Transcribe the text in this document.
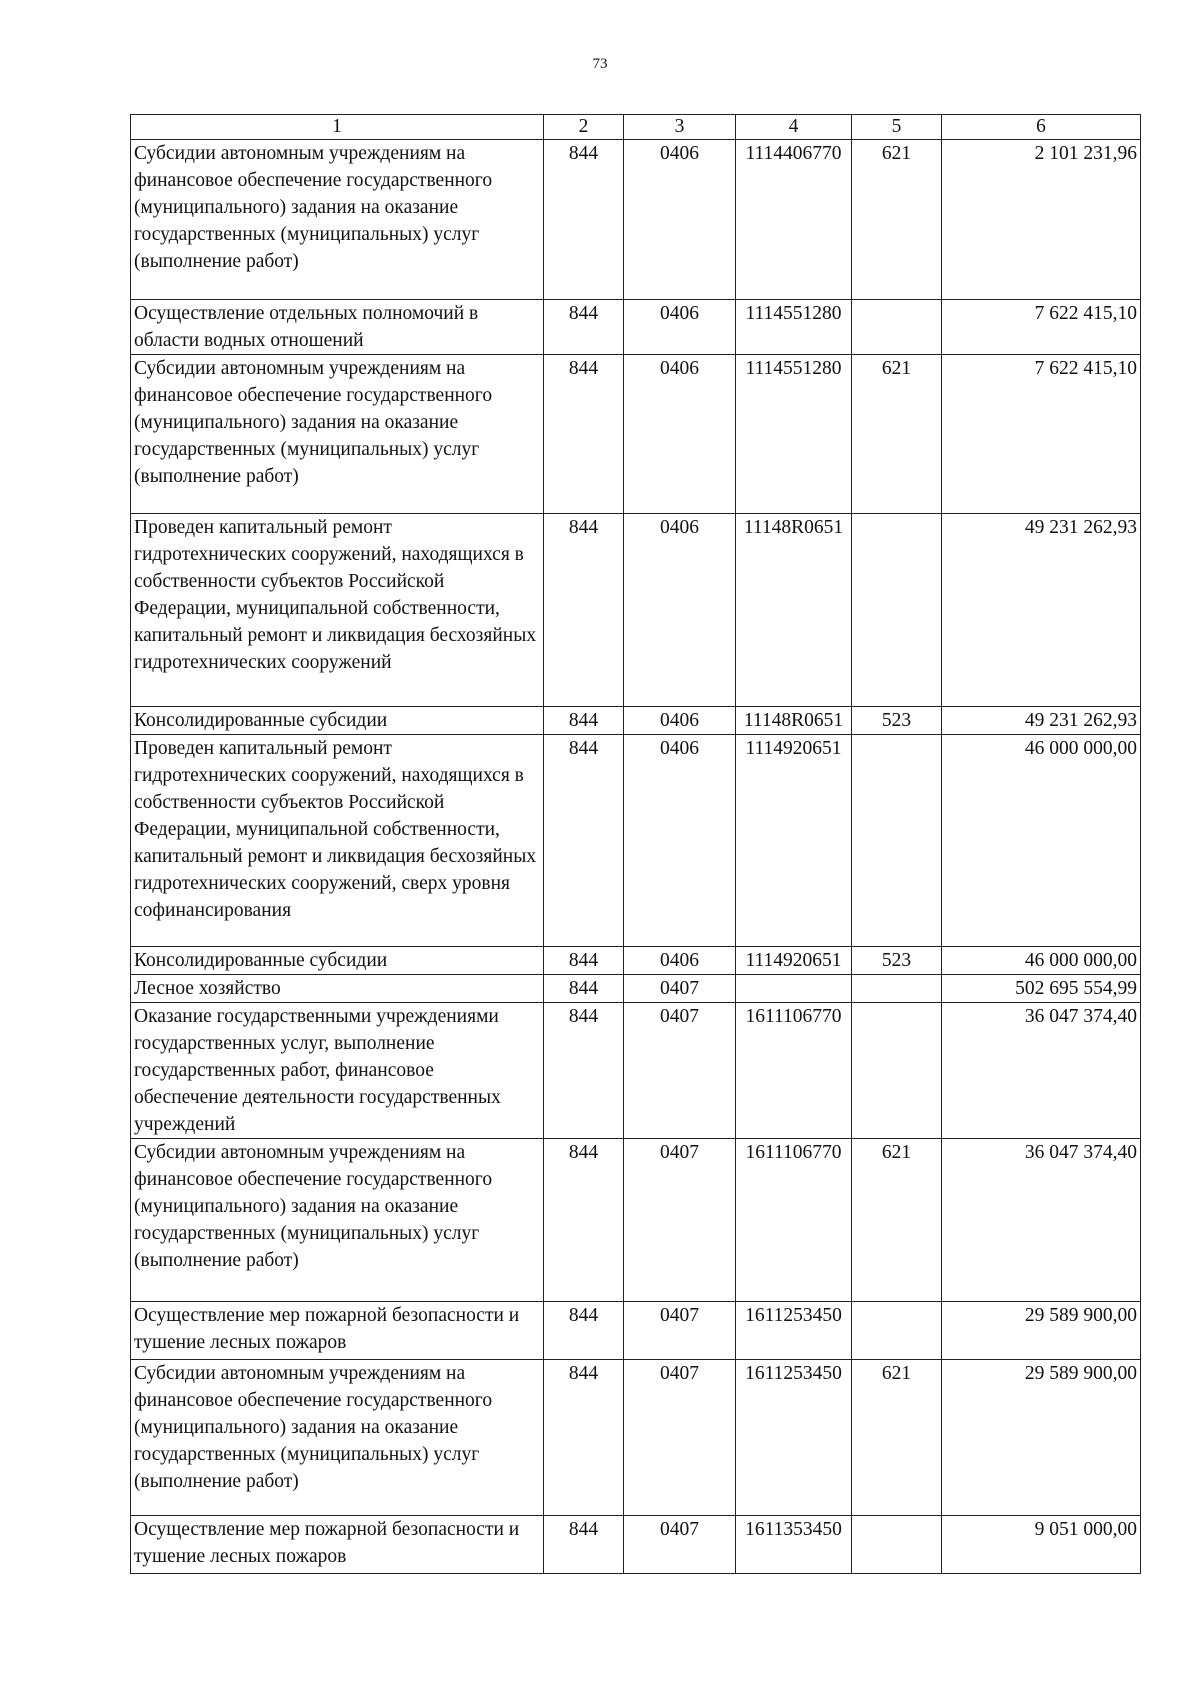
73
1	2	3	4	5	6
Субсидии автономным учреждениям на финансовое обеспечение государственного (муниципального) задания на оказание государственных (муниципальных) услуг (выполнение работ)	844	0406	1114406770	621	2 101 231,96
Осуществление отдельных полномочий в области водных отношений	844	0406	1114551280		7 622 415,10
Субсидии автономным учреждениям на финансовое обеспечение государственного (муниципального) задания на оказание государственных (муниципальных) услуг (выполнение работ)	844	0406	1114551280	621	7 622 415,10
Проведен капитальный ремонт гидротехнических сооружений, находящихся в собственности субъектов Российской Федерации, муниципальной собственности, капитальный ремонт и ликвидация бесхозяйных гидротехнических сооружений	844	0406	11148R0651		49 231 262,93
Консолидированные субсидии	844	0406	11148R0651	523	49 231 262,93
Проведен капитальный ремонт гидротехнических сооружений, находящихся в собственности субъектов Российской Федерации, муниципальной собственности, капитальный ремонт и ликвидация бесхозяйных гидротехнических сооружений, сверх уровня софинансирования	844	0406	1114920651		46 000 000,00
Консолидированные субсидии	844	0406	1114920651	523	46 000 000,00
Лесное хозяйство	844	0407			502 695 554,99
Оказание государственными учреждениями государственных услуг, выполнение государственных работ, финансовое обеспечение деятельности государственных учреждений	844	0407	1611106770		36 047 374,40
Субсидии автономным учреждениям на финансовое обеспечение государственного (муниципального) задания на оказание государственных (муниципальных) услуг (выполнение работ)	844	0407	1611106770	621	36 047 374,40
Осуществление мер пожарной безопасности и тушение лесных пожаров	844	0407	1611253450		29 589 900,00
Субсидии автономным учреждениям на финансовое обеспечение государственного (муниципального) задания на оказание государственных (муниципальных) услуг (выполнение работ)	844	0407	1611253450	621	29 589 900,00
Осуществление мер пожарной безопасности и тушение лесных пожаров	844	0407	1611353450		9 051 000,00
